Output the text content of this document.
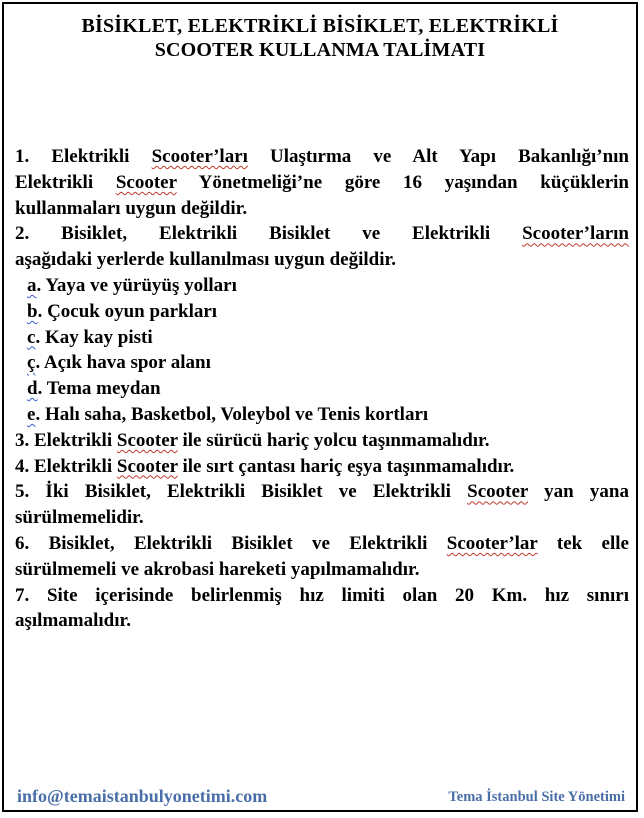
BİSİKLET, ELEKTRİKLİ BİSİKLET, ELEKTRİKLİ
SCOOTER KULLANMA TALİMATI
1. Elektrikli Scooter’ları Ulaştırma ve Alt Yapı Bakanlığı’nın
Elektrikli Scooter Yönetmeliği’ne göre 16 yaşından küçüklerin
kullanmaları uygun değildir.
2. Bisiklet, Elektrikli Bisiklet ve Elektrikli Scooter’ların
aşağıdaki yerlerde kullanılması uygun değildir.
a. Yaya ve yürüyüş yolları
b. Çocuk oyun parkları
c. Kay kay pisti
ç. Açık hava spor alanı
d. Tema meydan
e. Halı saha, Basketbol, Voleybol ve Tenis kortları
3. Elektrikli Scooter ile sürücü hariç yolcu taşınmamalıdır.
4. Elektrikli Scooter ile sırt çantası hariç eşya taşınmamalıdır.
5. İki Bisiklet, Elektrikli Bisiklet ve Elektrikli Scooter yan yana
sürülmemelidir.
6. Bisiklet, Elektrikli Bisiklet ve Elektrikli Scooter’lar tek elle
sürülmemeli ve akrobasi hareketi yapılmamalıdır.
7. Site içerisinde belirlenmiş hız limiti olan 20 Km. hız sınırı
aşılmamalıdır.
info@temaistanbulyonetimi.com	Tema İstanbul Site Yönetimi
